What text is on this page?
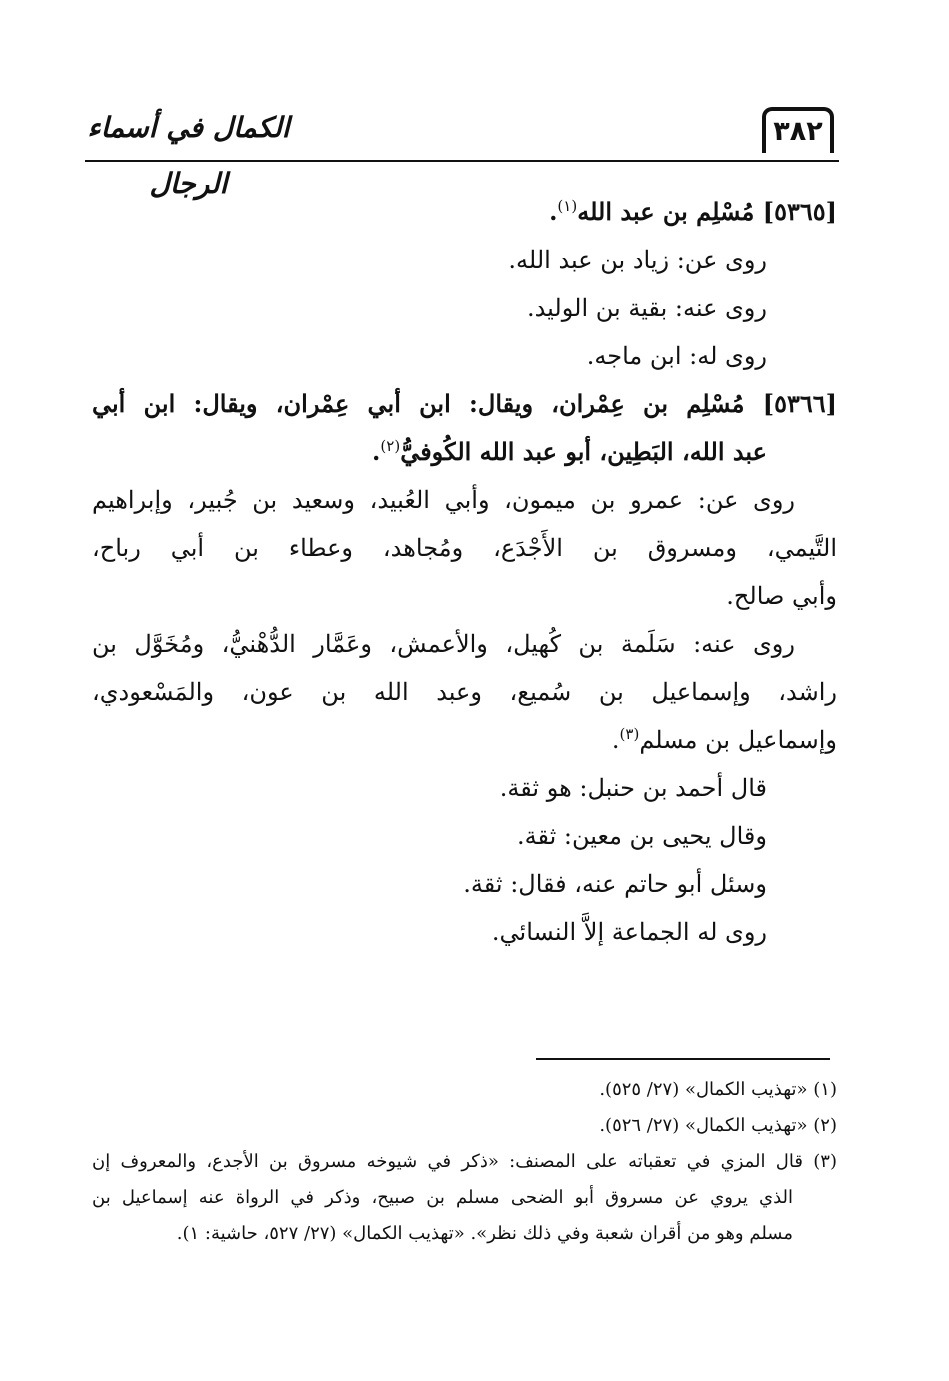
الكمال في أسماء الرجال
٣٨٢
[٥٣٦٥] مُسْلِم بن عبد الله$^{(١)}$.
روى عن: زياد بن عبد الله.
روى عنه: بقية بن الوليد.
روى له: ابن ماجه.
[٥٣٦٦] مُسْلِم بن عِمْران، ويقال: ابن أبي عِمْران، ويقال: ابن أبي
عبد الله، البَطِين، أبو عبد الله الكُوفيُّ$^{(٢)}$.
روى عن: عمرو بن ميمون، وأبي العُبيد، وسعيد بن جُبير، وإبراهيم
التَّيمي، ومسروق بن الأَجْدَع، ومُجاهد، وعطاء بن أبي رباح،
وأبي صالح.
روى عنه: سَلَمة بن كُهيل، والأعمش، وعَمَّار الدُّهْنيُّ، ومُخَوَّل بن
راشد، وإسماعيل بن سُميع، وعبد الله بن عون، والمَسْعودي،
وإسماعيل بن مسلم$^{(٣)}$.
قال أحمد بن حنبل: هو ثقة.
وقال يحيى بن معين: ثقة.
وسئل أبو حاتم عنه، فقال: ثقة.
روى له الجماعة إلاَّ النسائي.
(١) «تهذيب الكمال» (٢٧/ ٥٢٥).
(٢) «تهذيب الكمال» (٢٧/ ٥٢٦).
(٣) قال المزي في تعقباته على المصنف: «ذكر في شيوخه مسروق بن الأجدع، والمعروف إن
الذي يروي عن مسروق أبو الضحى مسلم بن صبيح، وذكر في الرواة عنه إسماعيل بن
مسلم وهو من أقران شعبة وفي ذلك نظر». «تهذيب الكمال» (٢٧/ ٥٢٧، حاشية: ١).
